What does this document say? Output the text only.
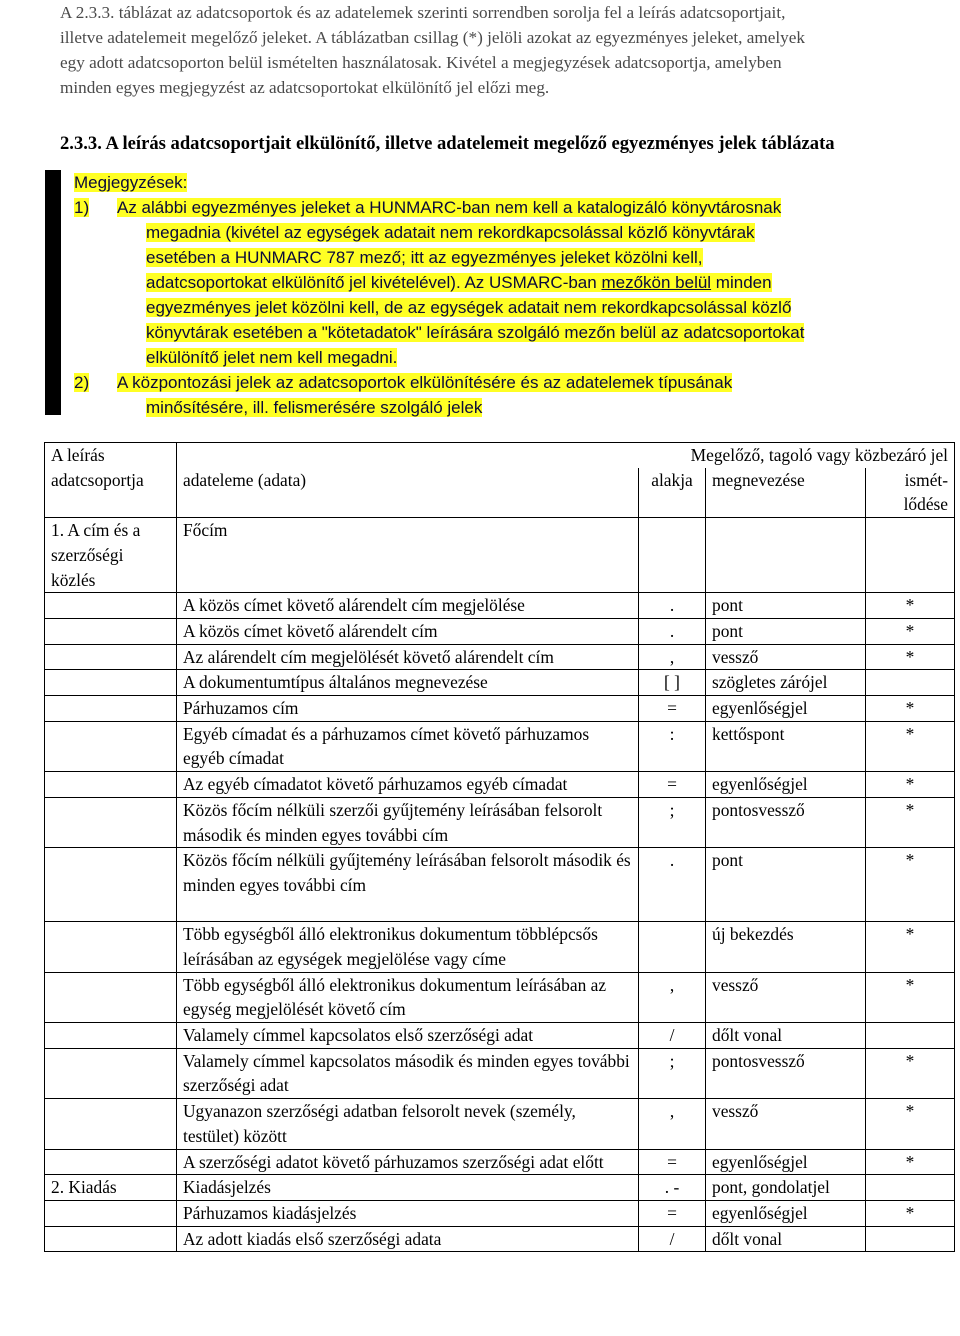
A 2.3.3. táblázat az adatcsoportok és az adatelemek szerinti sorrendben sorolja fel a leírás adatcsoportjait,

illetve adatelemeit megelőző jeleket. A táblázatban csillag (*) jelöli azokat az egyezményes jeleket, amelyek

egy adott adatcsoporton belül ismételten használatosak. Kivétel a megjegyzések adatcsoportja, amelyben

minden egyes megjegyzést az adatcsoportokat elkülönítő jel előzi meg.

2.3.3. A leírás adatcsoportjait elkülönítő, illetve adatelemeit megelőző egyezményes jelek táblázata
Megjegyzések:
1) Az alábbi egyezményes jeleket a HUNMARC-ban nem kell a katalogizáló könyvtárosnak
megadnia (kivétel az egységek adatait nem rekordkapcsolással közlő könyvtárak
esetében a HUNMARC 787 mező; itt az egyezményes jeleket közölni kell,
adatcsoportokat elkülönítő jel kivételével). Az USMARC-ban mezőkön belül minden
egyezményes jelet közölni kell, de az egységek adatait nem rekordkapcsolással közlő
könyvtárak esetében a "kötetadatok" leírására szolgáló mezőn belül az adatcsoportokat
elkülönítő jelet nem kell megadni.
2) A központozási jelek az adatcsoportok elkülönítésére és az adatelemek típusának
minősítésére, ill. felismerésére szolgáló jelek
A leírás		Megelőző, tagoló vagy közbezáró jel		
adatcsoportja	adateleme (adata)	alakja	megnevezése	ismét-
lődése
1. A cím és a szerzőségi közlés	Főcím			
	A közös címet követő alárendelt cím megjelölése	.	pont	*
	A közös címet követő alárendelt cím	.	pont	*
	Az alárendelt cím megjelölését követő alárendelt cím	,	vessző	*
	A dokumentumtípus általános megnevezése	[ ]	szögletes zárójel	
	Párhuzamos cím	=	egyenlőségjel	*
	Egyéb címadat és a párhuzamos címet követő párhuzamos egyéb címadat	:	kettőspont	*
	Az egyéb címadatot követő párhuzamos egyéb címadat	=	egyenlőségjel	*
	Közös főcím nélküli szerzői gyűjtemény leírásában felsorolt második és minden egyes további cím	;	pontosvessző	*
	Közös főcím nélküli gyűjtemény leírásában felsorolt második és minden egyes további cím	.	pont	*
	Több egységből álló elektronikus dokumentum többlépcsős leírásában az egységek megjelölése vagy címe		új bekezdés	*
	Több egységből álló elektronikus dokumentum leírásában az egység megjelölését követő cím	,	vessző	*
	Valamely címmel kapcsolatos első szerzőségi adat	/	dőlt vonal	
	Valamely címmel kapcsolatos második és minden egyes további szerzőségi adat	;	pontosvessző	*
	Ugyanazon szerzőségi adatban felsorolt nevek (személy, testület) között	,	vessző	*
	A szerzőségi adatot követő párhuzamos szerzőségi adat előtt	=	egyenlőségjel	*
2. Kiadás	Kiadásjelzés	. -	pont, gondolatjel	
	Párhuzamos kiadásjelzés	=	egyenlőségjel	*
	Az adott kiadás első szerzőségi adata	/	dőlt vonal	
